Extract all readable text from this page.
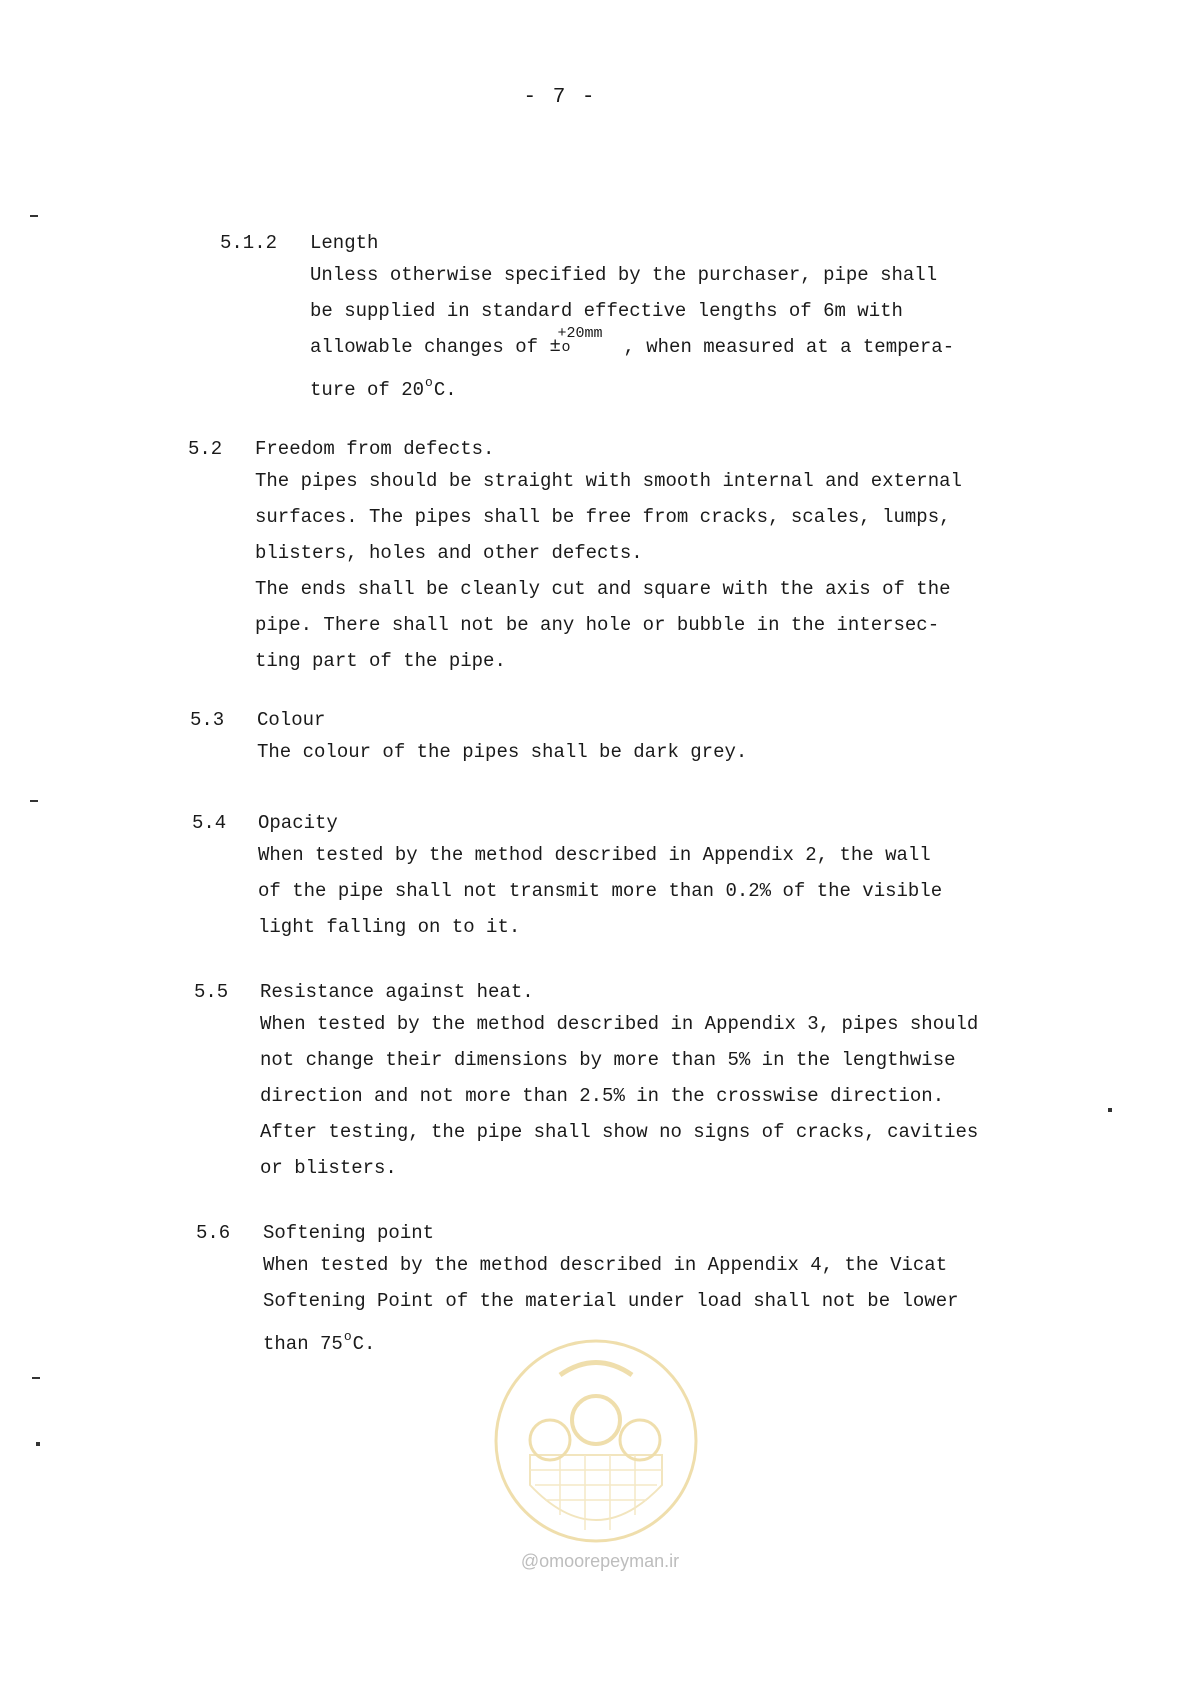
- 7 -
5.1.2 Length
Unless otherwise specified by the purchaser, pipe shall
be supplied in standard effective lengths of 6m with
allowable changes of ±
+20mm
o	, when measured at a tempera-
ture of 20$^o$C.
5.2 Freedom from defects.
The pipes should be straight with smooth internal and external
surfaces. The pipes shall be free from cracks, scales, lumps,
blisters, holes and other defects.
The ends shall be cleanly cut and square with the axis of the
pipe. There shall not be any hole or bubble in the intersec-
ting part of the pipe.
5.3 Colour
The colour of the pipes shall be dark grey.
5.4 Opacity
When tested by the method described in Appendix 2, the wall
of the pipe shall not transmit more than 0.2% of the visible
light falling on to it.
5.5 Resistance against heat.
When tested by the method described in Appendix 3, pipes should
not change their dimensions by more than 5% in the lengthwise
direction and not more than 2.5% in the crosswise direction.
After testing, the pipe shall show no signs of cracks, cavities
or blisters.
5.6 Softening point
When tested by the method described in Appendix 4, the Vicat
Softening Point of the material under load shall not be lower
than 75$^o$C.
@omoorepeyman.ir
